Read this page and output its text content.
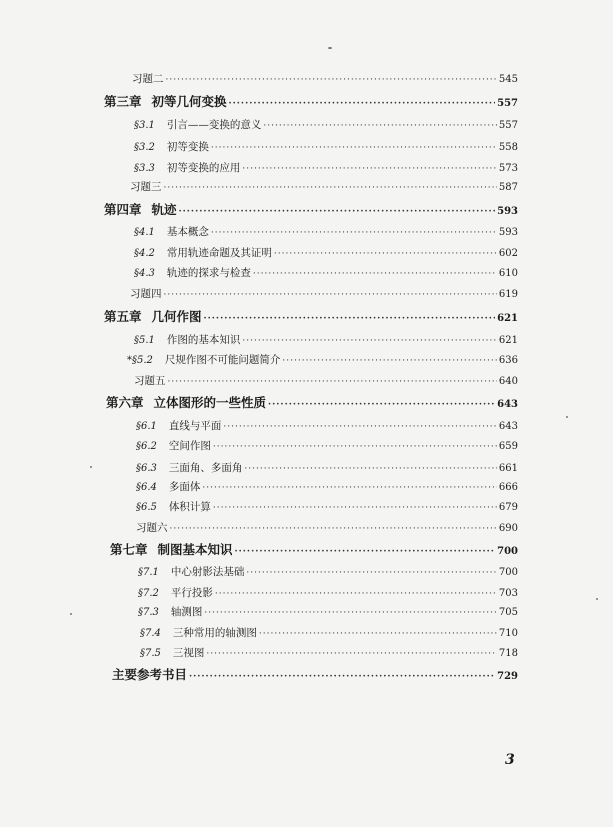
习题二 ·····	545
第三章 初等几何变换 ·····	557
§3.1 引言——变换的意义 ·····	557
§3.2 初等变换 ·····	558
§3.3 初等变换的应用 ·····	573
习题三 ·····	587
第四章 轨迹 ·····	593
§4.1 基本概念 ·····	593
§4.2 常用轨迹命题及其证明 ·····	602
§4.3 轨迹的探求与检查 ·····	610
习题四 ·····	619
第五章 几何作图 ·····	621
§5.1 作图的基本知识 ·····	621
*§5.2 尺规作图不可能问题简介 ·····	636
习题五 ·····	640
第六章 立体图形的一些性质 ·····	643
§6.1 直线与平面 ·····	643
§6.2 空间作图 ·····	659
§6.3 三面角、多面角 ·····	661
§6.4 多面体 ·····	666
§6.5 体积计算 ·····	679
习题六 ·····	690
第七章 制图基本知识 ·····	700
§7.1 中心射影法基础 ·····	700
§7.2 平行投影 ·····	703
§7.3 轴测图 ·····	705
§7.4 三种常用的轴测图 ·····	710
§7.5 三视图 ·····	718
主要参考书目 ·····	729
3
